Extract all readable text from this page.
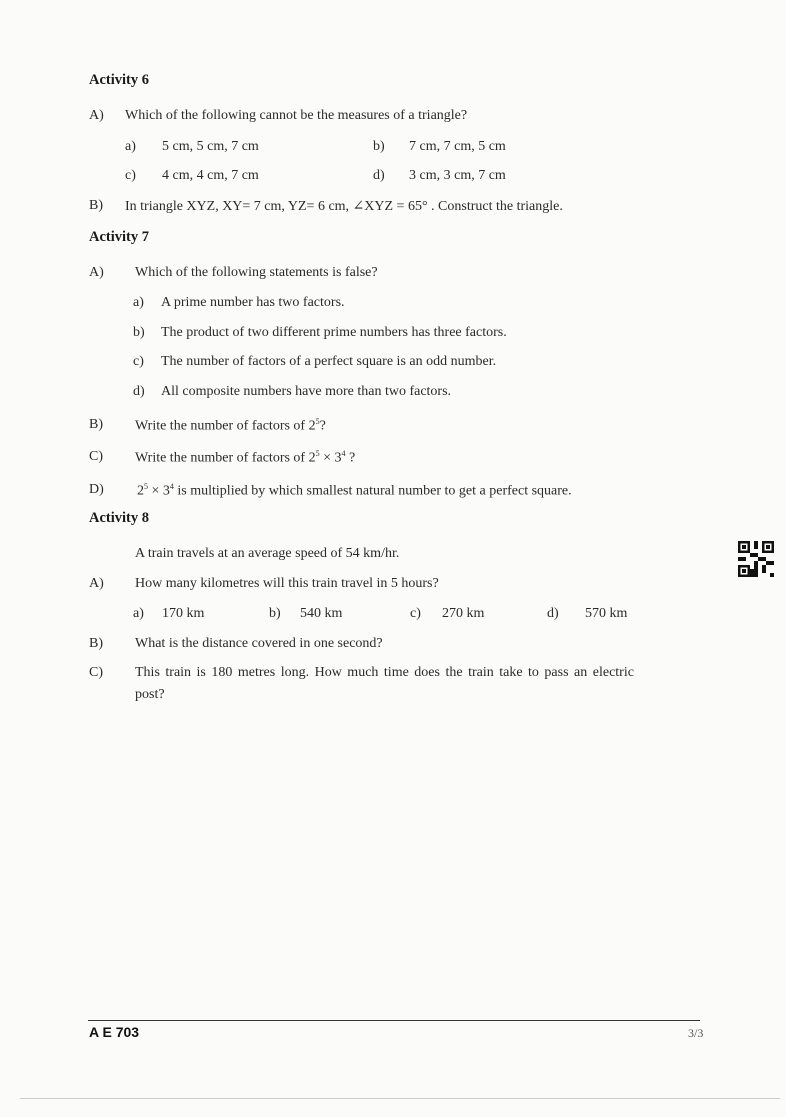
Activity 6
A) Which of the following cannot be the measures of a triangle?
a) 5 cm, 5 cm, 7 cm	b) 7 cm, 7 cm, 5 cm
c) 4 cm, 4 cm, 7 cm	d) 3 cm, 3 cm, 7 cm
B) In triangle XYZ, XY= 7 cm, YZ= 6 cm, ∠XYZ = 65° . Construct the triangle.
Activity 7
A) Which of the following statements is false?
a) A prime number has two factors.
b) The product of two different prime numbers has three factors.
c) The number of factors of a perfect square is an odd number.
d) All composite numbers have more than two factors.
B) Write the number of factors of $2^5$?
C) Write the number of factors of $2^5 \times 3^4$ ?
D) $2^5 \times 3^4$ is multiplied by which smallest natural number to get a perfect square.
Activity 8
A train travels at an average speed of 54 km/hr.
A) How many kilometres will this train travel in 5 hours?
a) 170 km	b) 540 km	c) 270 km	d) 570 km
B) What is the distance covered in one second?
C) This train is 180 metres long. How much time does the train take to pass an electric
post?
A E 703	3/3
